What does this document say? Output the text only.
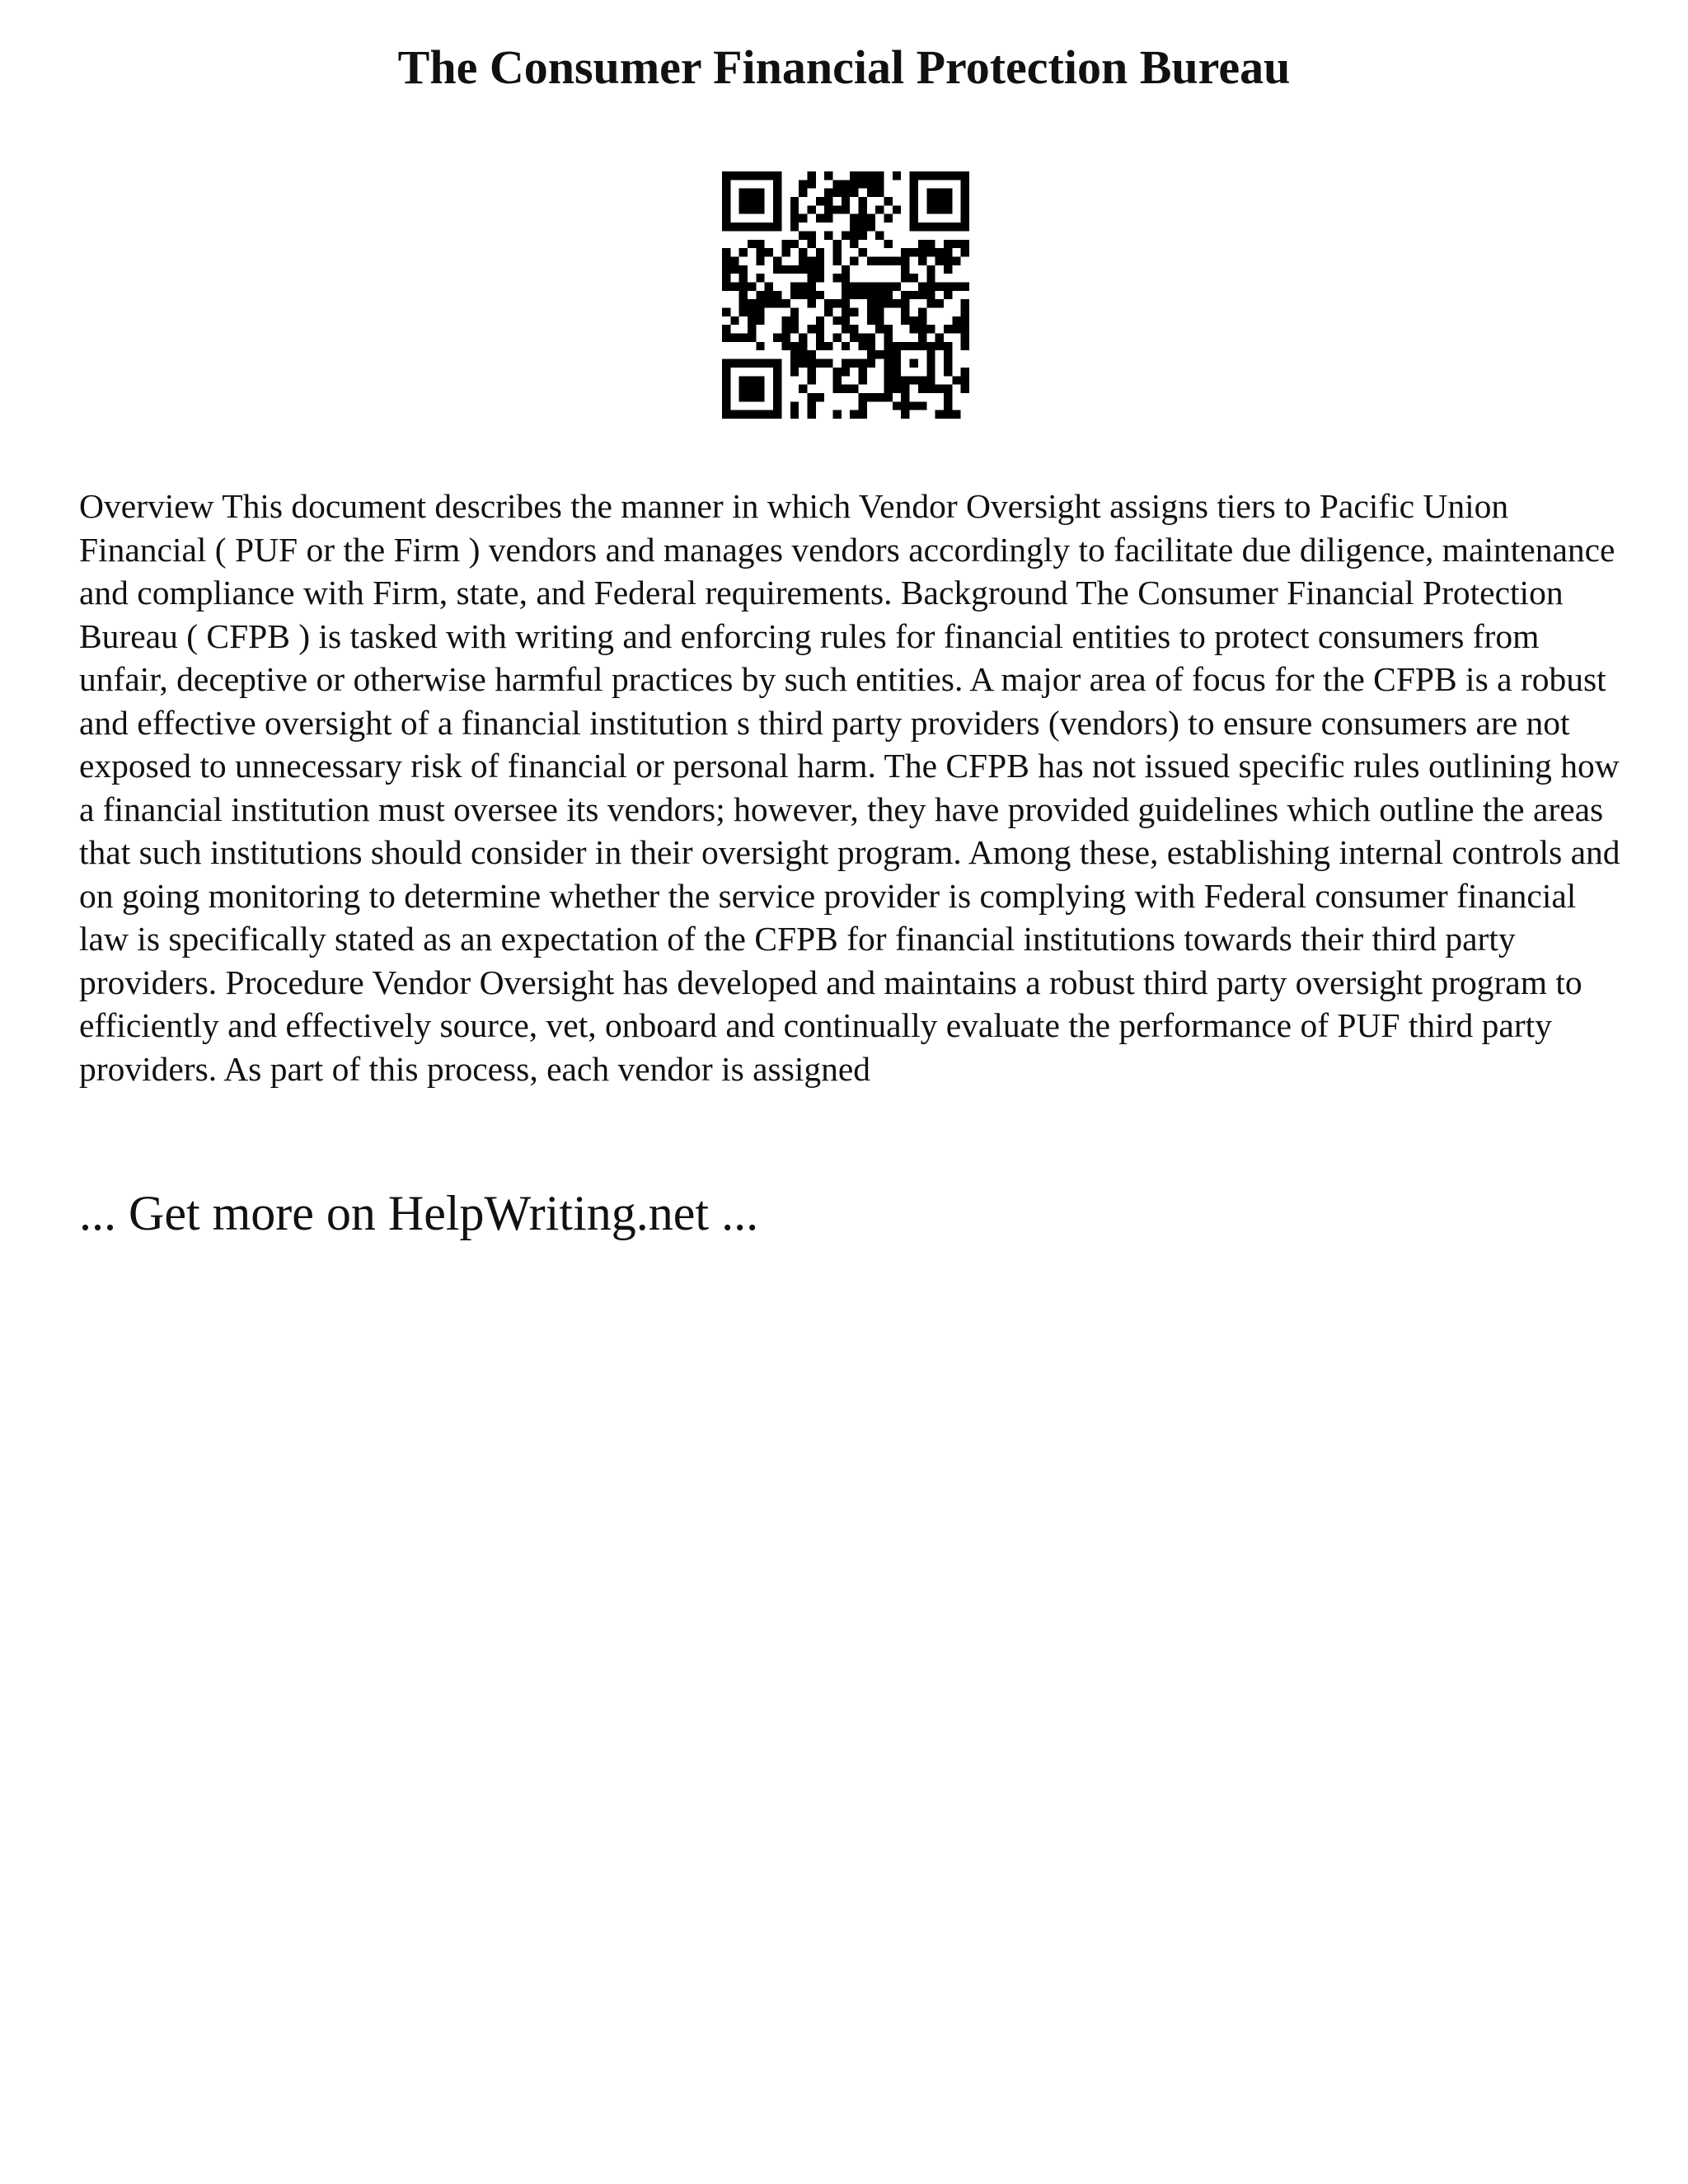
The Consumer Financial Protection Bureau

Overview This document describes the manner in which Vendor Oversight assigns tiers to Pacific Union Financial ( PUF or the Firm ) vendors and manages vendors accordingly to facilitate due diligence, maintenance and compliance with Firm, state, and Federal requirements. Background The Consumer Financial Protection Bureau ( CFPB ) is tasked with writing and enforcing rules for financial entities to protect consumers from unfair, deceptive or otherwise harmful practices by such entities. A major area of focus for the CFPB is a robust and effective oversight of a financial institution s third party providers (vendors) to ensure consumers are not exposed to unnecessary risk of financial or personal harm. The CFPB has not issued specific rules outlining how a financial institution must oversee its vendors; however, they have provided guidelines which outline the areas that such institutions should consider in their oversight program. Among these, establishing internal controls and on going monitoring to determine whether the service provider is complying with Federal consumer financial law is specifically stated as an expectation of the CFPB for financial institutions towards their third party providers. Procedure Vendor Oversight has developed and maintains a robust third party oversight program to efficiently and effectively source, vet, onboard and continually evaluate the performance of PUF third party providers. As part of this process, each vendor is assigned

... Get more on HelpWriting.net ...
